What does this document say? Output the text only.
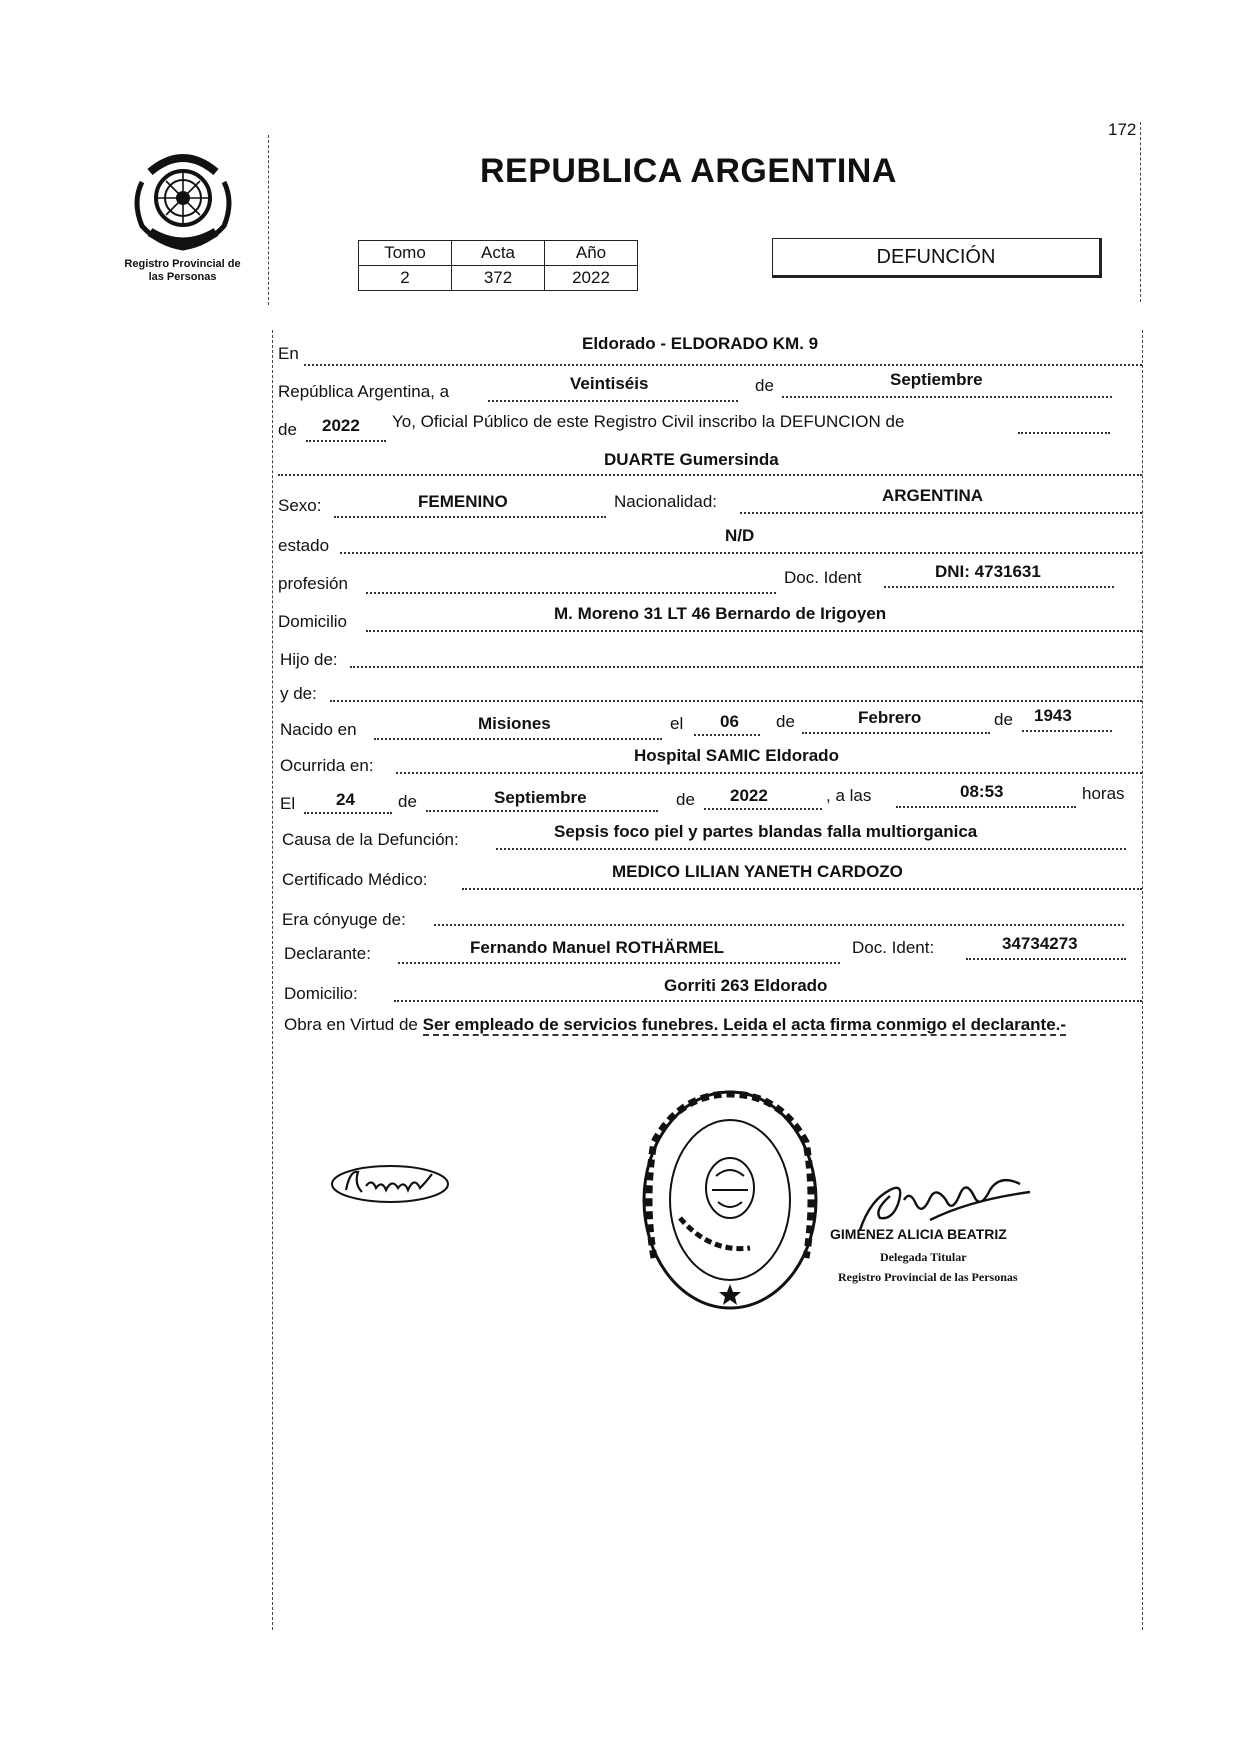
172
REPUBLICA ARGENTINA
Registro Provincial de
las Personas
Tomo	Acta	Año
2	372	2022
DEFUNCIÓN
En
Eldorado - ELDORADO KM. 9
República Argentina, a	Veintiséis	de	Septiembre
de 2022 Yo, Oficial Público de este Registro Civil inscribo la DEFUNCION de
DUARTE Gumersinda
Sexo:	FEMENINO	Nacionalidad:	ARGENTINA
estado
N/D
profesión	Doc. Ident	DNI: 4731631
Domicilio	M. Moreno 31 LT 46 Bernardo de Irigoyen
Hijo de:
y de:
Nacido en	Misiones	el 06 de	Febrero	de 1943
Ocurrida en:
Hospital SAMIC Eldorado
El 24	de	Septiembre	de 2022	, a las	08:53	horas
Causa de la Defunción:	Sepsis foco piel y partes blandas falla multiorganica
Certificado Médico:	MEDICO LILIAN YANETH CARDOZO
Era cónyuge de:
Declarante:	Fernando Manuel ROTHÄRMEL	Doc. Ident:	34734273
Domicilio:	Gorriti 263 Eldorado
Obra en Virtud de Ser empleado de servicios funebres. Leida el acta firma conmigo el declarante.-
GIMENEZ ALICIA BEATRIZ
Delegada Titular
Registro Provincial de las Personas
